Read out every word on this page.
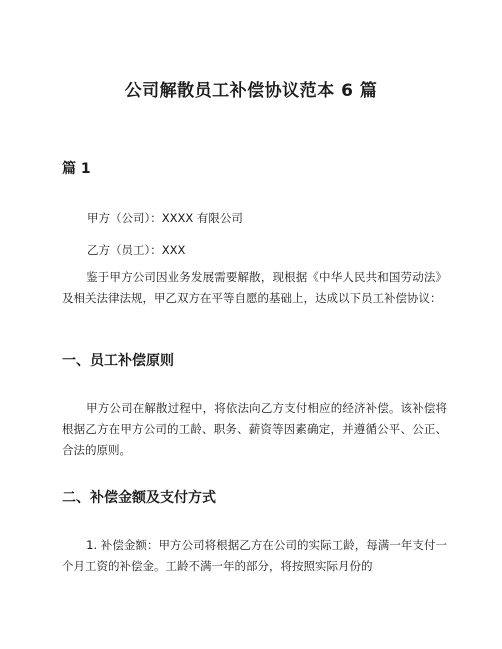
公司解散员工补偿协议范本 6 篇
篇 1
甲方（公司）：XXXX 有限公司
乙方（员工）：XXX
鉴于甲方公司因业务发展需要解散，现根据《中华人民共和国劳动法》及相关法律法规，甲乙双方在平等自愿的基础上，达成以下员工补偿协议：
一、员工补偿原则
甲方公司在解散过程中，将依法向乙方支付相应的经济补偿。该补偿将根据乙方在甲方公司的工龄、职务、薪资等因素确定，并遵循公平、公正、合法的原则。
二、补偿金额及支付方式
1. 补偿金额：甲方公司将根据乙方在公司的实际工龄，每满一年支付一个月工资的补偿金。工龄不满一年的部分，将按照实际月份的
